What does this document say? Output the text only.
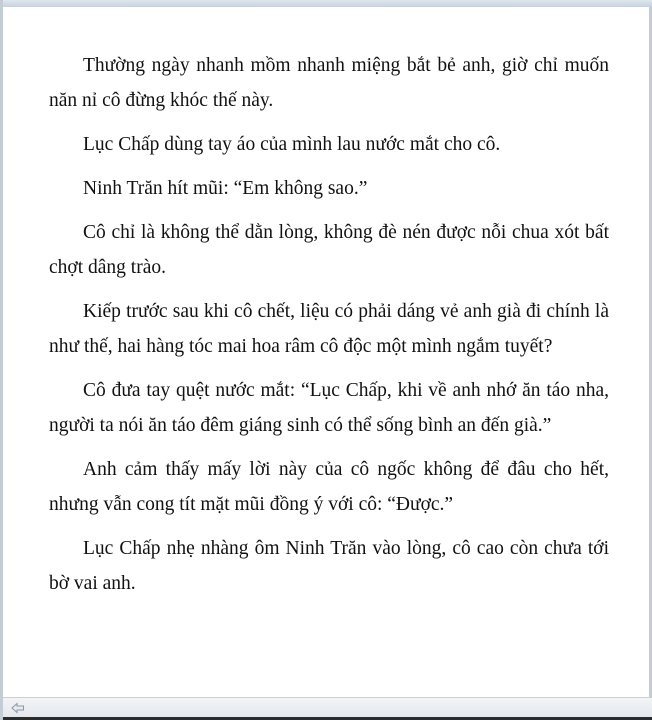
Thường ngày nhanh mồm nhanh miệng bắt bẻ anh, giờ chỉ muốn năn nỉ cô đừng khóc thế này.

Lục Chấp dùng tay áo của mình lau nước mắt cho cô.

Ninh Trăn hít mũi: “Em không sao.”

Cô chỉ là không thể dằn lòng, không đè nén được nỗi chua xót bất chợt dâng trào.

Kiếp trước sau khi cô chết, liệu có phải dáng vẻ anh già đi chính là như thế, hai hàng tóc mai hoa râm cô độc một mình ngắm tuyết?

Cô đưa tay quệt nước mắt: “Lục Chấp, khi về anh nhớ ăn táo nha, người ta nói ăn táo đêm giáng sinh có thể sống bình an đến già.”

Anh cảm thấy mấy lời này của cô ngốc không để đâu cho hết, nhưng vẫn cong tít mặt mũi đồng ý với cô: “Được.”

Lục Chấp nhẹ nhàng ôm Ninh Trăn vào lòng, cô cao còn chưa tới bờ vai anh.
